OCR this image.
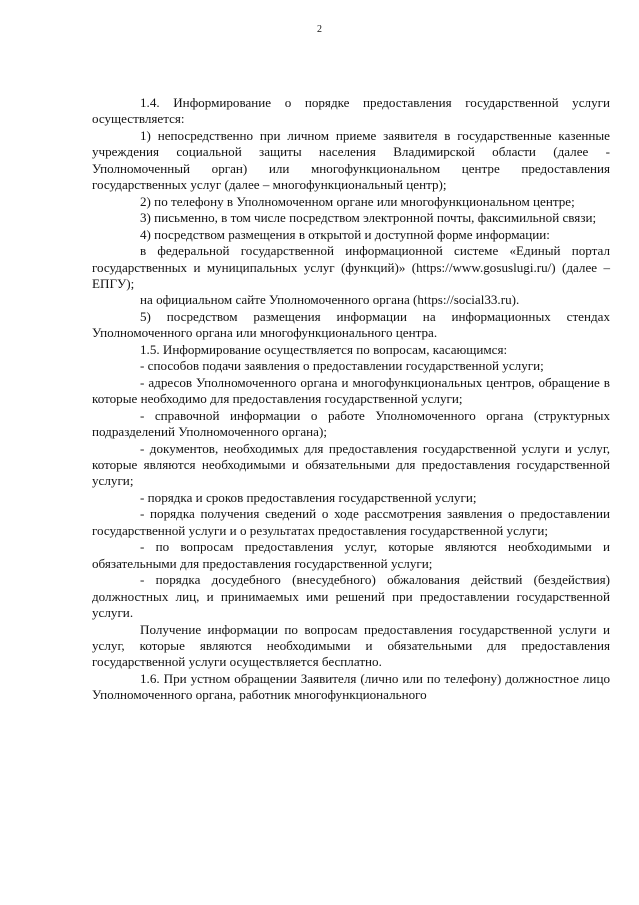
2

1.4. Информирование о порядке предоставления государственной услуги осуществляется:

1) непосредственно при личном приеме заявителя в государственные казенные учреждения социальной защиты населения Владимирской области (далее - Уполномоченный орган) или многофункциональном центре предоставления государственных услуг (далее – многофункциональный центр);

2) по телефону в Уполномоченном органе или многофункциональном центре;

3) письменно, в том числе посредством электронной почты, факсимильной связи;

4) посредством размещения в открытой и доступной форме информации:

в федеральной государственной информационной системе «Единый портал государственных и муниципальных услуг (функций)» (https://www.gosuslugi.ru/) (далее – ЕПГУ);

на официальном сайте Уполномоченного органа (https://social33.ru).

5) посредством размещения информации на информационных стендах Уполномоченного органа или многофункционального центра.

1.5. Информирование осуществляется по вопросам, касающимся:

- способов подачи заявления о предоставлении государственной услуги;

- адресов Уполномоченного органа и многофункциональных центров, обращение в которые необходимо для предоставления государственной услуги;

- справочной информации о работе Уполномоченного органа (структурных подразделений Уполномоченного органа);

- документов, необходимых для предоставления государственной услуги и услуг, которые являются необходимыми и обязательными для предоставления государственной услуги;

- порядка и сроков предоставления государственной услуги;

- порядка получения сведений о ходе рассмотрения заявления о предоставлении государственной услуги и о результатах предоставления государственной услуги;

- по вопросам предоставления услуг, которые являются необходимыми и обязательными для предоставления государственной услуги;

- порядка досудебного (внесудебного) обжалования действий (бездействия) должностных лиц, и принимаемых ими решений при предоставлении государственной услуги.

Получение информации по вопросам предоставления государственной услуги и услуг, которые являются необходимыми и обязательными для предоставления государственной услуги осуществляется бесплатно.

1.6. При устном обращении Заявителя (лично или по телефону) должностное лицо Уполномоченного органа, работник многофункционального
